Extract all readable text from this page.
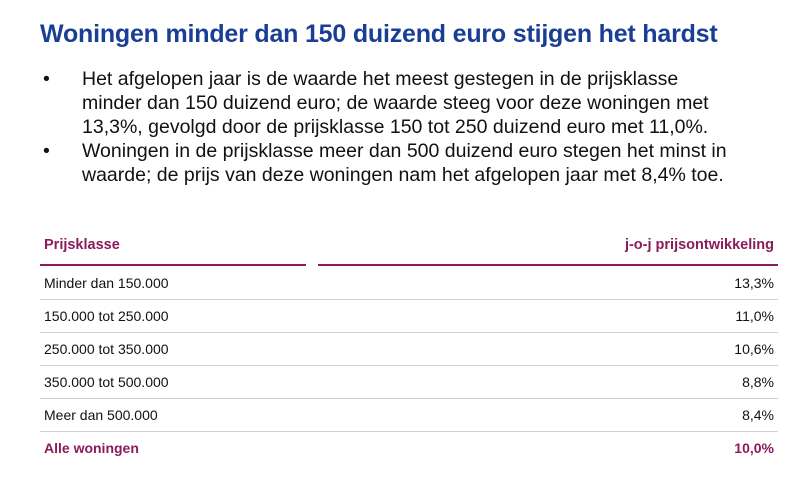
Woningen minder dan 150 duizend euro stijgen het hardst
•	Het afgelopen jaar is de waarde het meest gestegen in de prijsklasse
minder dan 150 duizend euro; de waarde steeg voor deze woningen met
13,3%, gevolgd door de prijsklasse 150 tot 250 duizend euro met 11,0%.
•	Woningen in de prijsklasse meer dan 500 duizend euro stegen het minst in
waarde; de prijs van deze woningen nam het afgelopen jaar met 8,4% toe.
Prijsklasse	j-o-j prijsontwikkeling
Minder dan 150.000	13,3%
150.000 tot 250.000	11,0%
250.000 tot 350.000	10,6%
350.000 tot 500.000	8,8%
Meer dan 500.000	8,4%
Alle woningen	10,0%
